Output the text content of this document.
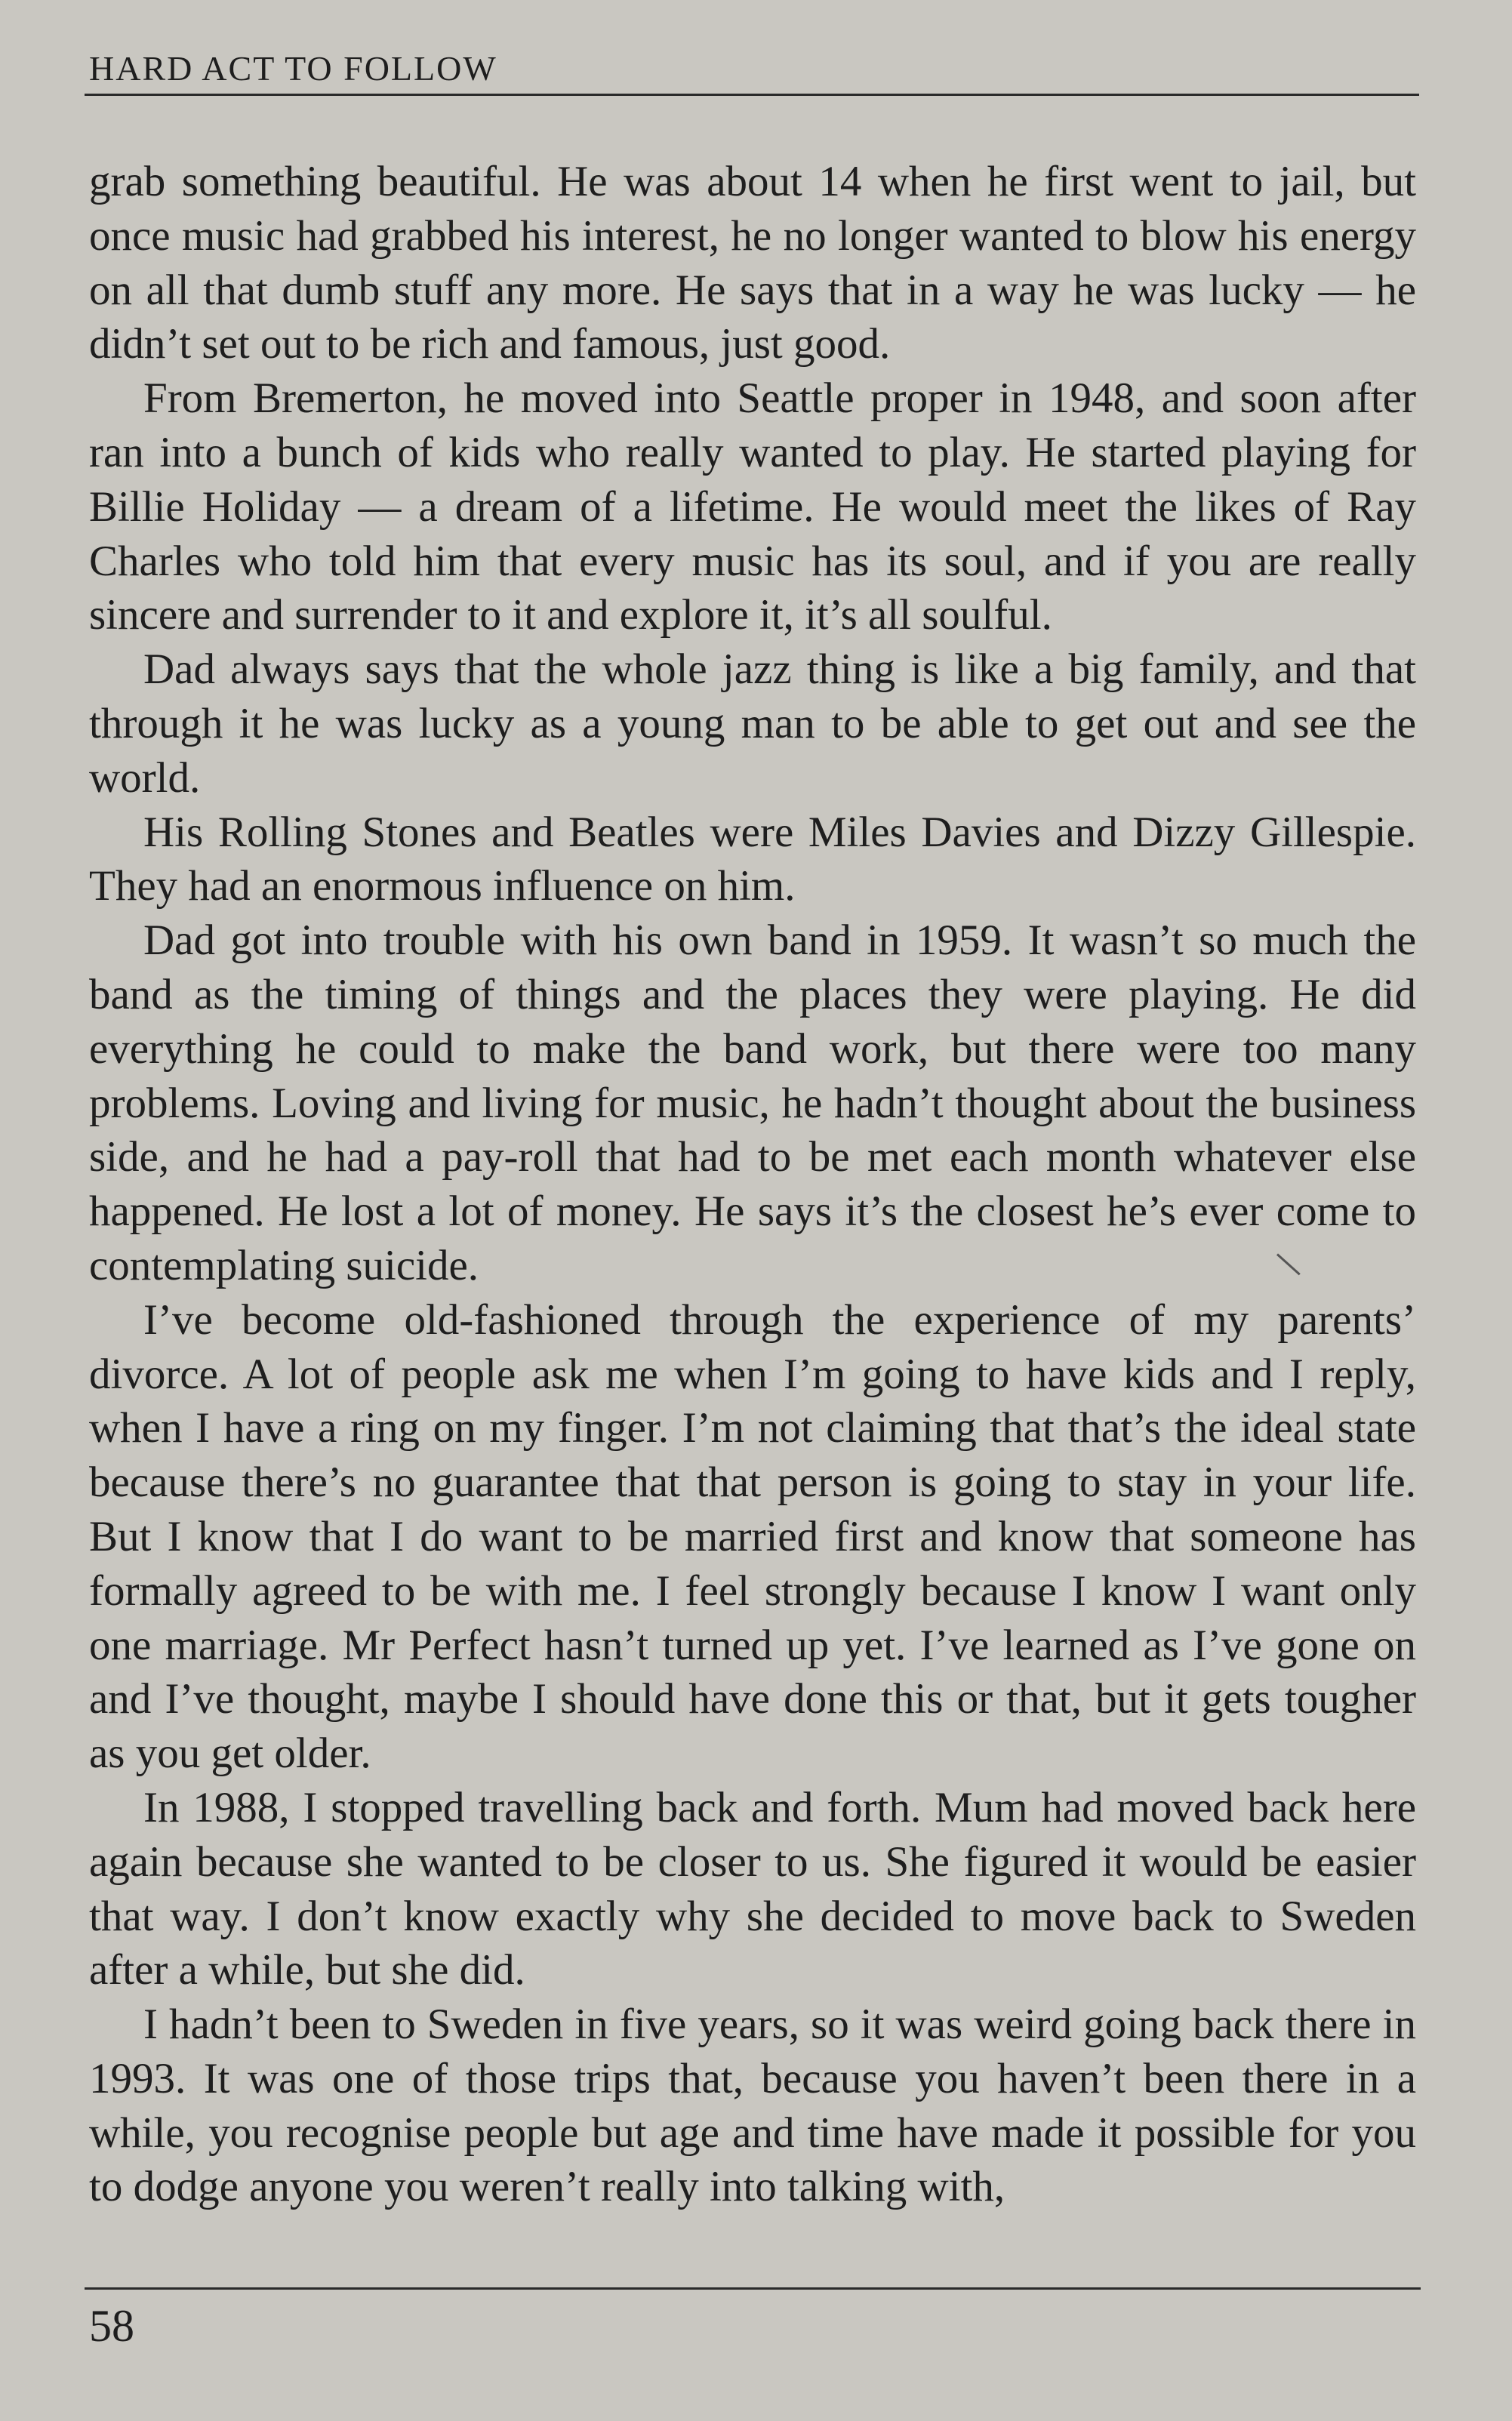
HARD ACT TO FOLLOW

grab something beautiful. He was about 14 when he first went to jail, but once music had grabbed his interest, he no longer wanted to blow his energy on all that dumb stuff any more. He says that in a way he was lucky — he didn’t set out to be rich and famous, just good.

From Bremerton, he moved into Seattle proper in 1948, and soon after ran into a bunch of kids who really wanted to play. He started playing for Billie Holiday — a dream of a lifetime. He would meet the likes of Ray Charles who told him that every music has its soul, and if you are really sincere and surrender to it and explore it, it’s all soulful.

Dad always says that the whole jazz thing is like a big family, and that through it he was lucky as a young man to be able to get out and see the world.

His Rolling Stones and Beatles were Miles Davies and Dizzy Gillespie. They had an enormous influence on him.

Dad got into trouble with his own band in 1959. It wasn’t so much the band as the timing of things and the places they were playing. He did everything he could to make the band work, but there were too many problems. Loving and living for music, he hadn’t thought about the business side, and he had a pay-roll that had to be met each month whatever else happened. He lost a lot of money. He says it’s the closest he’s ever come to contemplating suicide.

I’ve become old-fashioned through the experience of my parents’ divorce. A lot of people ask me when I’m going to have kids and I reply, when I have a ring on my finger. I’m not claiming that that’s the ideal state because there’s no guarantee that that person is going to stay in your life. But I know that I do want to be married first and know that someone has formally agreed to be with me. I feel strongly because I know I want only one marriage. Mr Perfect hasn’t turned up yet. I’ve learned as I’ve gone on and I’ve thought, maybe I should have done this or that, but it gets tougher as you get older.

In 1988, I stopped travelling back and forth. Mum had moved back here again because she wanted to be closer to us. She figured it would be easier that way. I don’t know exactly why she decided to move back to Sweden after a while, but she did.

I hadn’t been to Sweden in five years, so it was weird going back there in 1993. It was one of those trips that, because you haven’t been there in a while, you recognise people but age and time have made it possible for you to dodge anyone you weren’t really into talking with,

58
